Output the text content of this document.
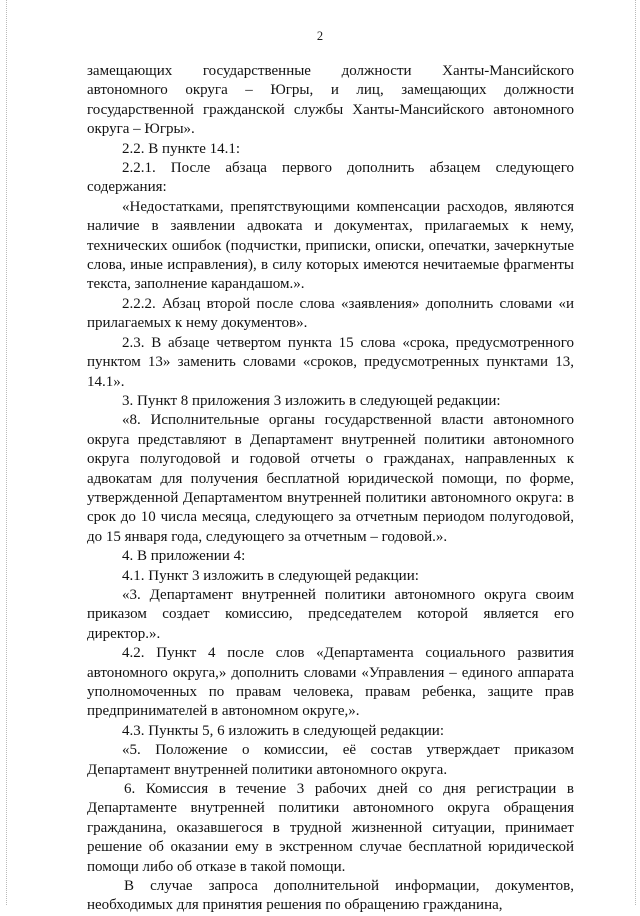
2

замещающих государственные должности Ханты-Мансийского автономного округа – Югры, и лиц, замещающих должности государственной гражданской службы Ханты-Мансийского автономного округа – Югры».

2.2. В пункте 14.1:

2.2.1. После абзаца первого дополнить абзацем следующего содержания:

«Недостатками, препятствующими компенсации расходов, являются наличие в заявлении адвоката и документах, прилагаемых к нему, технических ошибок (подчистки, приписки, описки, опечатки, зачеркнутые слова, иные исправления), в силу которых имеются нечитаемые фрагменты текста, заполнение карандашом.».

2.2.2. Абзац второй после слова «заявления» дополнить словами «и прилагаемых к нему документов».

2.3. В абзаце четвертом пункта 15 слова «срока, предусмотренного пунктом 13» заменить словами «сроков, предусмотренных пунктами 13, 14.1».

3. Пункт 8 приложения 3 изложить в следующей редакции:

«8. Исполнительные органы государственной власти автономного округа представляют в Департамент внутренней политики автономного округа полугодовой и годовой отчеты о гражданах, направленных к адвокатам для получения бесплатной юридической помощи, по форме, утвержденной Департаментом внутренней политики автономного округа: в срок до 10 числа месяца, следующего за отчетным периодом полугодовой, до 15 января года, следующего за отчетным – годовой.».

4. В приложении 4:

4.1. Пункт 3 изложить в следующей редакции:

«3. Департамент внутренней политики автономного округа своим приказом создает комиссию, председателем которой является его директор.».

4.2. Пункт 4 после слов «Департамента социального развития автономного округа,» дополнить словами «Управления – единого аппарата уполномоченных по правам человека, правам ребенка, защите прав предпринимателей в автономном округе,».

4.3. Пункты 5, 6 изложить в следующей редакции:

«5. Положение о комиссии, её состав утверждает приказом Департамент внутренней политики автономного округа.

6. Комиссия в течение 3 рабочих дней со дня регистрации в Департаменте внутренней политики автономного округа обращения гражданина, оказавшегося в трудной жизненной ситуации, принимает решение об оказании ему в экстренном случае бесплатной юридической помощи либо об отказе в такой помощи.

В случае запроса дополнительной информации, документов, необходимых для принятия решения по обращению гражданина,
